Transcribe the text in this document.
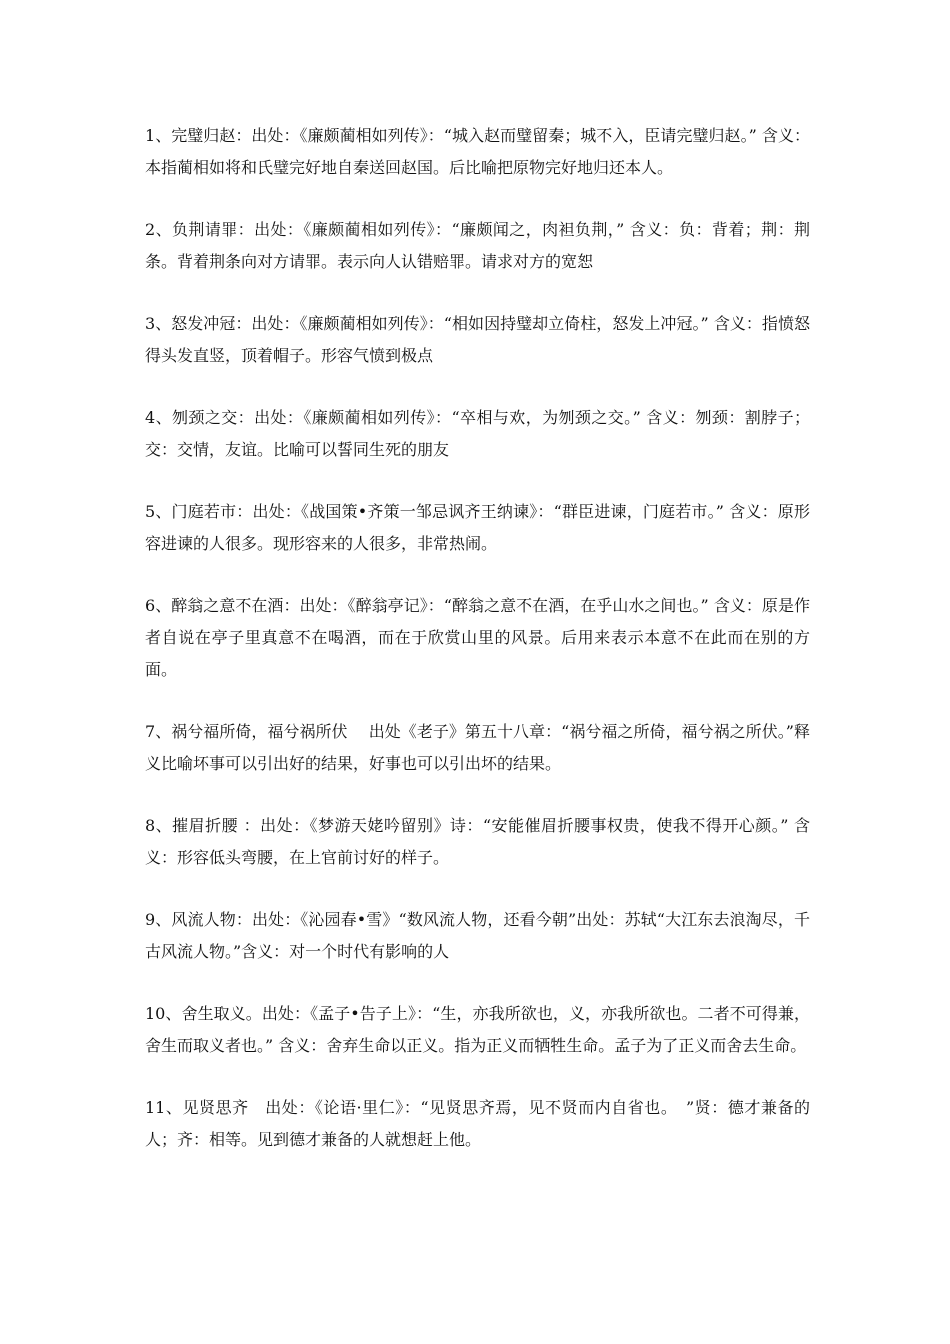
1、完璧归赵：出处：《廉颇蔺相如列传》：“城入赵而璧留秦；城不入，臣请完璧归赵。” 含义：本指蔺相如将和氏璧完好地自秦送回赵国。后比喻把原物完好地归还本人。

2、负荆请罪：出处：《廉颇蔺相如列传》：“廉颇闻之，肉袒负荆，” 含义：负：背着；荆：荆条。背着荆条向对方请罪。表示向人认错赔罪。请求对方的宽恕

3、怒发冲冠：出处：《廉颇蔺相如列传》：“相如因持璧却立倚柱，怒发上冲冠。” 含义：指愤怒得头发直竖，顶着帽子。形容气愤到极点

4、刎颈之交：出处：《廉颇蔺相如列传》：“卒相与欢，为刎颈之交。” 含义：刎颈：割脖子；交：交情，友谊。比喻可以誓同生死的朋友

5、门庭若市：出处：《战国策•齐策一邹忌讽齐王纳谏》：“群臣进谏，门庭若市。” 含义：原形容进谏的人很多。现形容来的人很多，非常热闹。

6、醉翁之意不在酒：出处：《醉翁亭记》：“醉翁之意不在酒，在乎山水之间也。” 含义：原是作者自说在亭子里真意不在喝酒，而在于欣赏山里的风景。后用来表示本意不在此而在别的方面。

7、祸兮福所倚，福兮祸所伏　 出处《老子》第五十八章：“祸兮福之所倚，福兮祸之所伏。”释义比喻坏事可以引出好的结果，好事也可以引出坏的结果。

8、摧眉折腰 ：出处：《梦游天姥吟留别》诗：“安能催眉折腰事权贵，使我不得开心颜。” 含义：形容低头弯腰，在上官前讨好的样子。

9、风流人物：出处：《沁园春•雪》“数风流人物，还看今朝”出处：苏轼“大江东去浪淘尽，千古风流人物。”含义：对一个时代有影响的人

10、舍生取义。出处：《孟子•告子上》：“生，亦我所欲也，义，亦我所欲也。二者不可得兼，舍生而取义者也。” 含义：舍弃生命以正义。指为正义而牺牲生命。孟子为了正义而舍去生命。

11、见贤思齐　出处：《论语·里仁》：“见贤思齐焉，见不贤而内自省也。　”贤：德才兼备的人；齐：相等。见到德才兼备的人就想赶上他。
